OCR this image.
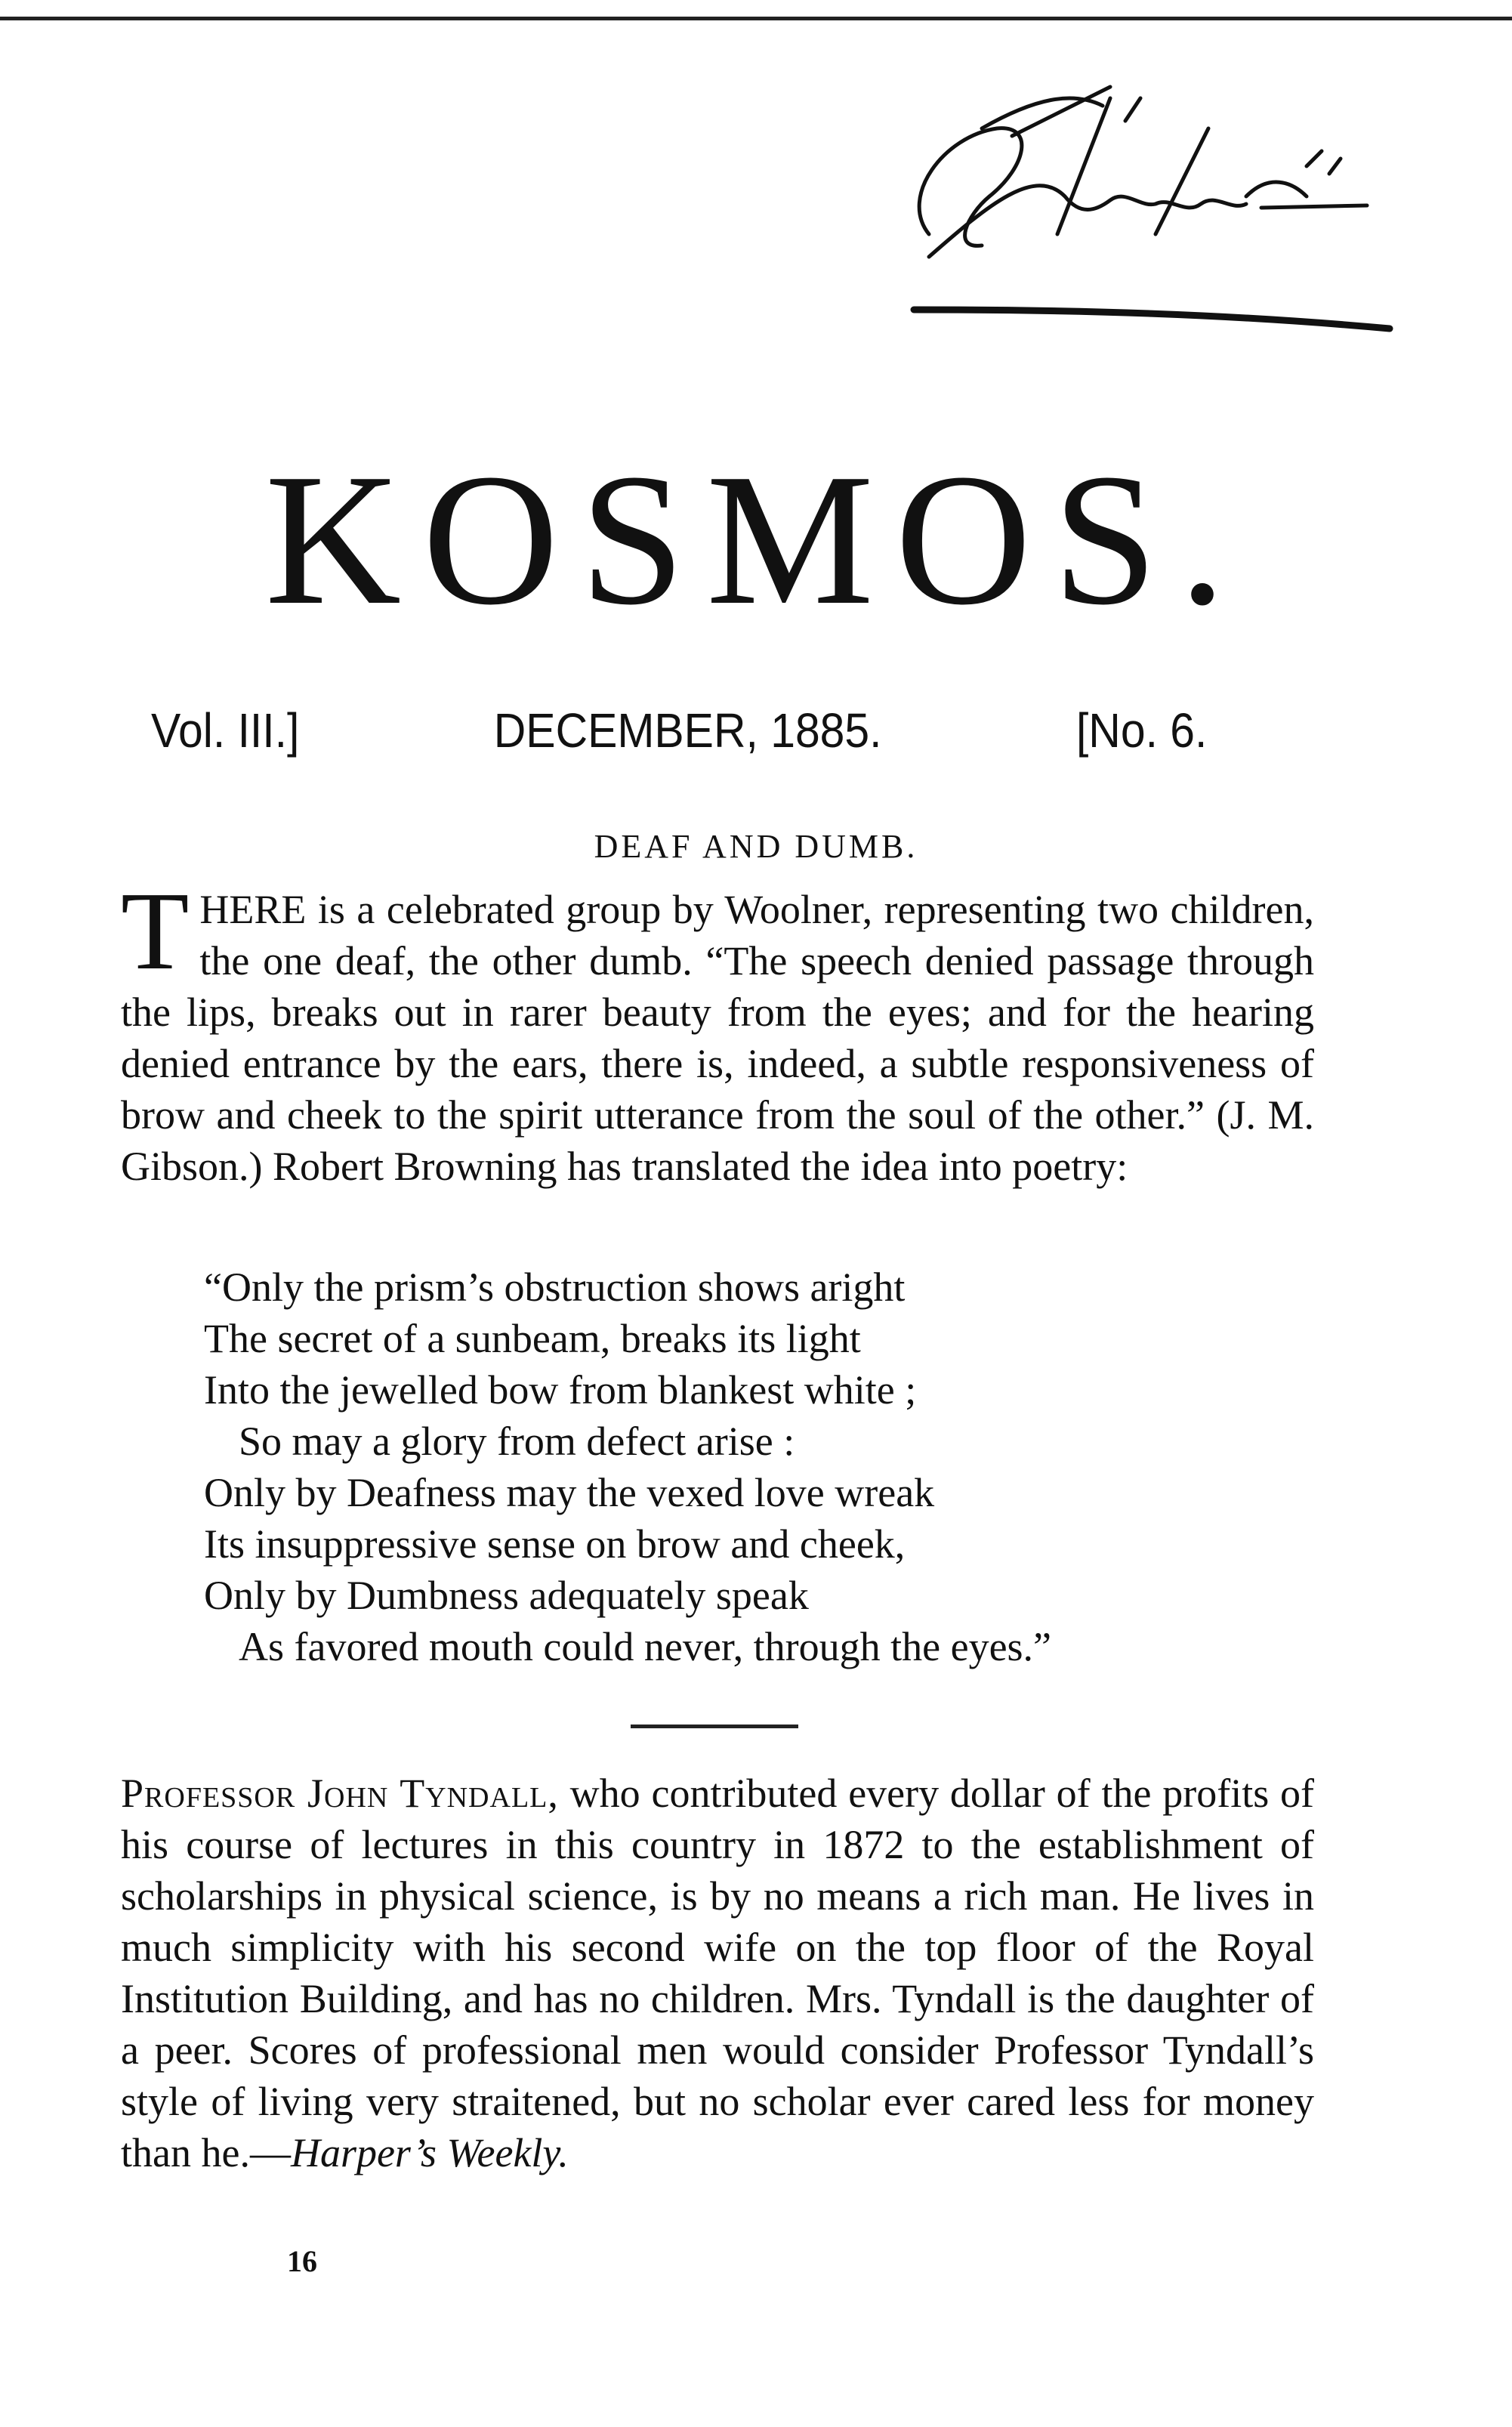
KOSMOS.
Vol. III.]	DECEMBER, 1885.	[No. 6.
DEAF AND DUMB.
THERE is a celebrated group by Woolner, representing two children, the one deaf, the other dumb. “The speech denied passage through the lips, breaks out in rarer beauty from the eyes; and for the hearing denied entrance by the ears, there is, indeed, a subtle responsiveness of brow and cheek to the spirit utterance from the soul of the other.” (J. M. Gibson.) Robert Browning has translated the idea into poetry:
“Only the prism’s obstruction shows aright
The secret of a sunbeam, breaks its light
Into the jewelled bow from blankest white ;
So may a glory from defect arise :
Only by Deafness may the vexed love wreak
Its insuppressive sense on brow and cheek,
Only by Dumbness adequately speak
As favored mouth could never, through the eyes.”
Professor John Tyndall, who contributed every dollar of the profits of his course of lectures in this country in 1872 to the establishment of scholarships in physical science, is by no means a rich man. He lives in much simplicity with his second wife on the top floor of the Royal Institution Building, and has no children. Mrs. Tyndall is the daughter of a peer. Scores of professional men would consider Professor Tyndall’s style of living very straitened, but no scholar ever cared less for money than he.—Harper’s Weekly.
16
